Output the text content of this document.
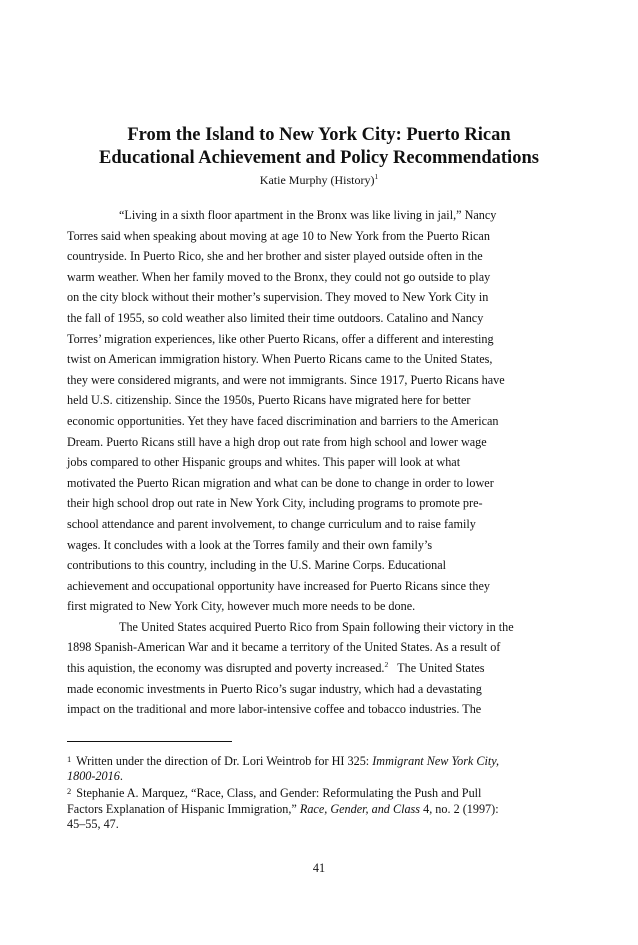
From the Island to New York City: Puerto Rican
Educational Achievement and Policy Recommendations
Katie Murphy (History)$^1$
“Living in a sixth floor apartment in the Bronx was like living in jail,” Nancy
Torres said when speaking about moving at age 10 to New York from the Puerto Rican
countryside. In Puerto Rico, she and her brother and sister played outside often in the
warm weather. When her family moved to the Bronx, they could not go outside to play
on the city block without their mother’s supervision. They moved to New York City in
the fall of 1955, so cold weather also limited their time outdoors. Catalino and Nancy
Torres’ migration experiences, like other Puerto Ricans, offer a different and interesting
twist on American immigration history. When Puerto Ricans came to the United States,
they were considered migrants, and were not immigrants. Since 1917, Puerto Ricans have
held U.S. citizenship. Since the 1950s, Puerto Ricans have migrated here for better
economic opportunities. Yet they have faced discrimination and barriers to the American
Dream. Puerto Ricans still have a high drop out rate from high school and lower wage
jobs compared to other Hispanic groups and whites. This paper will look at what
motivated the Puerto Rican migration and what can be done to change in order to lower
their high school drop out rate in New York City, including programs to promote pre-
school attendance and parent involvement, to change curriculum and to raise family
wages. It concludes with a look at the Torres family and their own family’s
contributions to this country, including in the U.S. Marine Corps. Educational
achievement and occupational opportunity have increased for Puerto Ricans since they
first migrated to New York City, however much more needs to be done.
The United States acquired Puerto Rico from Spain following their victory in the
1898 Spanish-American War and it became a territory of the United States. As a result of
this aquistion, the economy was disrupted and poverty increased.$^2$ The United States
made economic investments in Puerto Rico’s sugar industry, which had a devastating
impact on the traditional and more labor-intensive coffee and tobacco industries. The
$^1$ Written under the direction of Dr. Lori Weintrob for HI 325: Immigrant New York City,
1800-2016.
$^2$ Stephanie A. Marquez, “Race, Class, and Gender: Reformulating the Push and Pull
Factors Explanation of Hispanic Immigration,” Race, Gender, and Class 4, no. 2 (1997):
45–55, 47.
41
